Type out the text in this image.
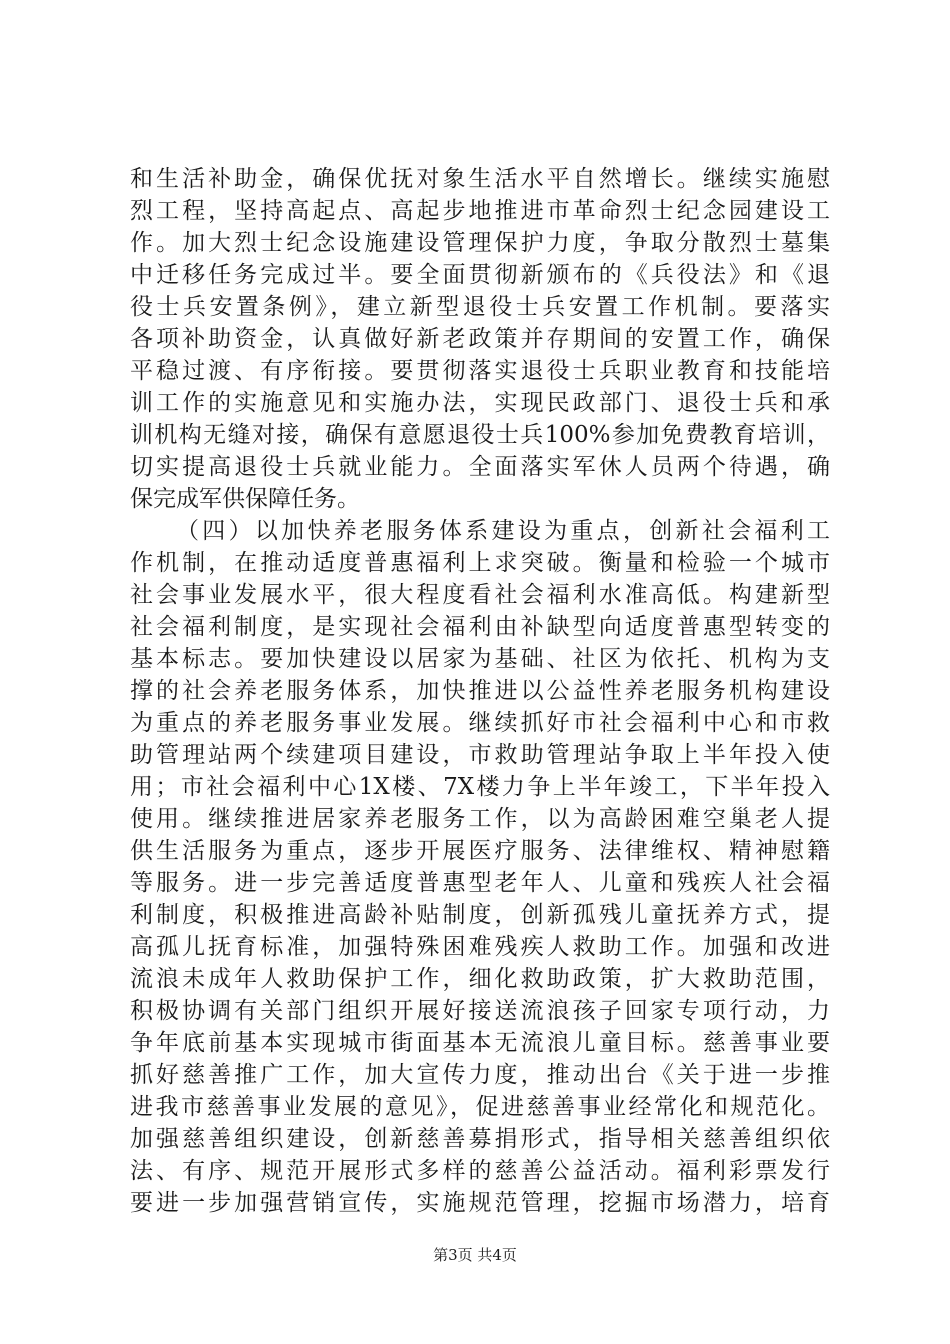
和生活补助金，确保优抚对象生活水平自然增长。继续实施慰
烈工程，坚持高起点、高起步地推进市革命烈士纪念园建设工
作。加大烈士纪念设施建设管理保护力度，争取分散烈士墓集
中迁移任务完成过半。要全面贯彻新颁布的《兵役法》和《退
役士兵安置条例》，建立新型退役士兵安置工作机制。要落实
各项补助资金，认真做好新老政策并存期间的安置工作，确保
平稳过渡、有序衔接。要贯彻落实退役士兵职业教育和技能培
训工作的实施意见和实施办法，实现民政部门、退役士兵和承
训机构无缝对接，确保有意愿退役士兵100%参加免费教育培训，
切实提高退役士兵就业能力。全面落实军休人员两个待遇，确
保完成军供保障任务。
（四）以加快养老服务体系建设为重点，创新社会福利工
作机制，在推动适度普惠福利上求突破。衡量和检验一个城市
社会事业发展水平，很大程度看社会福利水准高低。构建新型
社会福利制度，是实现社会福利由补缺型向适度普惠型转变的
基本标志。要加快建设以居家为基础、社区为依托、机构为支
撑的社会养老服务体系，加快推进以公益性养老服务机构建设
为重点的养老服务事业发展。继续抓好市社会福利中心和市救
助管理站两个续建项目建设，市救助管理站争取上半年投入使
用；市社会福利中心1X楼、7X楼力争上半年竣工，下半年投入
使用。继续推进居家养老服务工作，以为高龄困难空巢老人提
供生活服务为重点，逐步开展医疗服务、法律维权、精神慰籍
等服务。进一步完善适度普惠型老年人、儿童和残疾人社会福
利制度，积极推进高龄补贴制度，创新孤残儿童抚养方式，提
高孤儿抚育标准，加强特殊困难残疾人救助工作。加强和改进
流浪未成年人救助保护工作，细化救助政策，扩大救助范围，
积极协调有关部门组织开展好接送流浪孩子回家专项行动，力
争年底前基本实现城市街面基本无流浪儿童目标。慈善事业要
抓好慈善推广工作，加大宣传力度，推动出台《关于进一步推
进我市慈善事业发展的意见》，促进慈善事业经常化和规范化。
加强慈善组织建设，创新慈善募捐形式，指导相关慈善组织依
法、有序、规范开展形式多样的慈善公益活动。福利彩票发行
要进一步加强营销宣传，实施规范管理，挖掘市场潜力，培育
第3页 共4页
